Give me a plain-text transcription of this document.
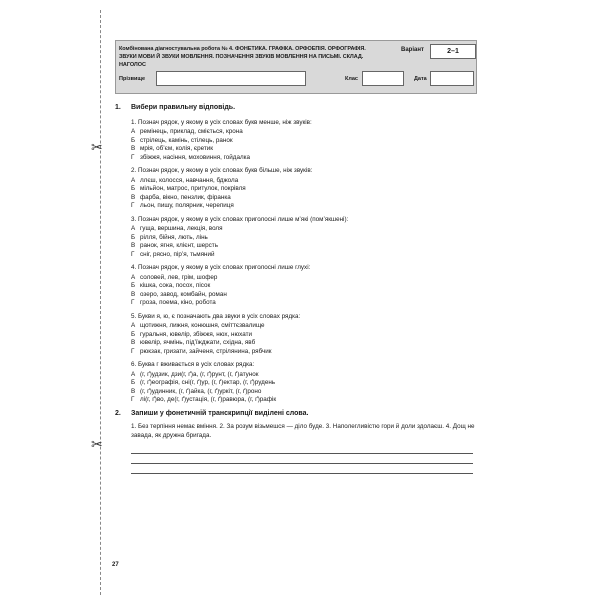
✂
✂
Комбінована діагностувальна робота № 4. ФОНЕТИКА. ГРАФІКА. ОРФОЕПІЯ. ОРФОГРАФІЯ.
ЗВУКИ МОВИ Й ЗВУКИ МОВЛЕННЯ. ПОЗНАЧЕННЯ ЗВУКІВ МОВЛЕННЯ НА ПИСЬМІ. СКЛАД. НАГОЛОС
Варіант	2–1
Прізвище	Клас	Дата
1.	Вибери правильну відповідь.
1. Познач рядок, у якому в усіх словах букв менше, ніж звуків:
А ремінець, приклад, сміється, крона
Б стрілець, камінь, стілець, ранок
В мрія, об’єм, колія, єретик
Г збіжжя, насіння, моховиння, гойдалка
2. Познач рядок, у якому в усіх словах букв більше, ніж звуків:
А ллєш, колосся, навчання, бджола
Б мільйон, матрос, притулок, покрівля
В фарба, вікно, пензлик, фіранка
Г льон, пишу, полярник, черепиця
3. Познач рядок, у якому в усіх словах приголосні лише м’які (пом’якшені):
А гуща, вершина, лекція, воля
Б рілля, бійня, лють, лінь
В ранок, ягня, клієнт, шерсть
Г сніг, рясно, пір’я, тьмяний
4. Познач рядок, у якому в усіх словах приголосні лише глухі:
А соловей, лев, грім, шофер
Б кішка, сока, посох, пісок
В озеро, завод, комбайн, роман
Г гроза, поема, кіно, робота
5. Букви я, ю, є позначають два звуки в усіх словах рядка:
А щотижня, лижня, конюшня, сміттєзвалище
Б гуральня, ювелір, збіжжя, нюх, нюхати
В ювелір, ячмінь, під’їжджати, східна, явб
Г рюкзак, гризати, зайченя, стрілянина, рябчик
6. Буква г вживається в усіх словах рядка:
А (г, ґ)удзик, дзи(г, ґ)а, (г, ґ)рунт, (г, ґ)атунок
Б (г, ґ)еографія, сні(г, ґ)ур, (г, ґ)ектар, (г, ґ)рудень
В (г, ґ)удинник, (г, ґ)айка, (г, ґ)уркіт, (г, ґ)роно
Г лі(г, ґ)во, де(г, ґ)устація, (г, ґ)равюра, (г, ґ)рафік
2.	Запиши у фонетичній транскрипції виділені слова.
1. Без терпіння немає вміння. 2. За розум візьмешся — діло буде. 3. Наполегливістю гори й доли здолаєш. 4. Дощ не завада, як дружна бригада.
27
